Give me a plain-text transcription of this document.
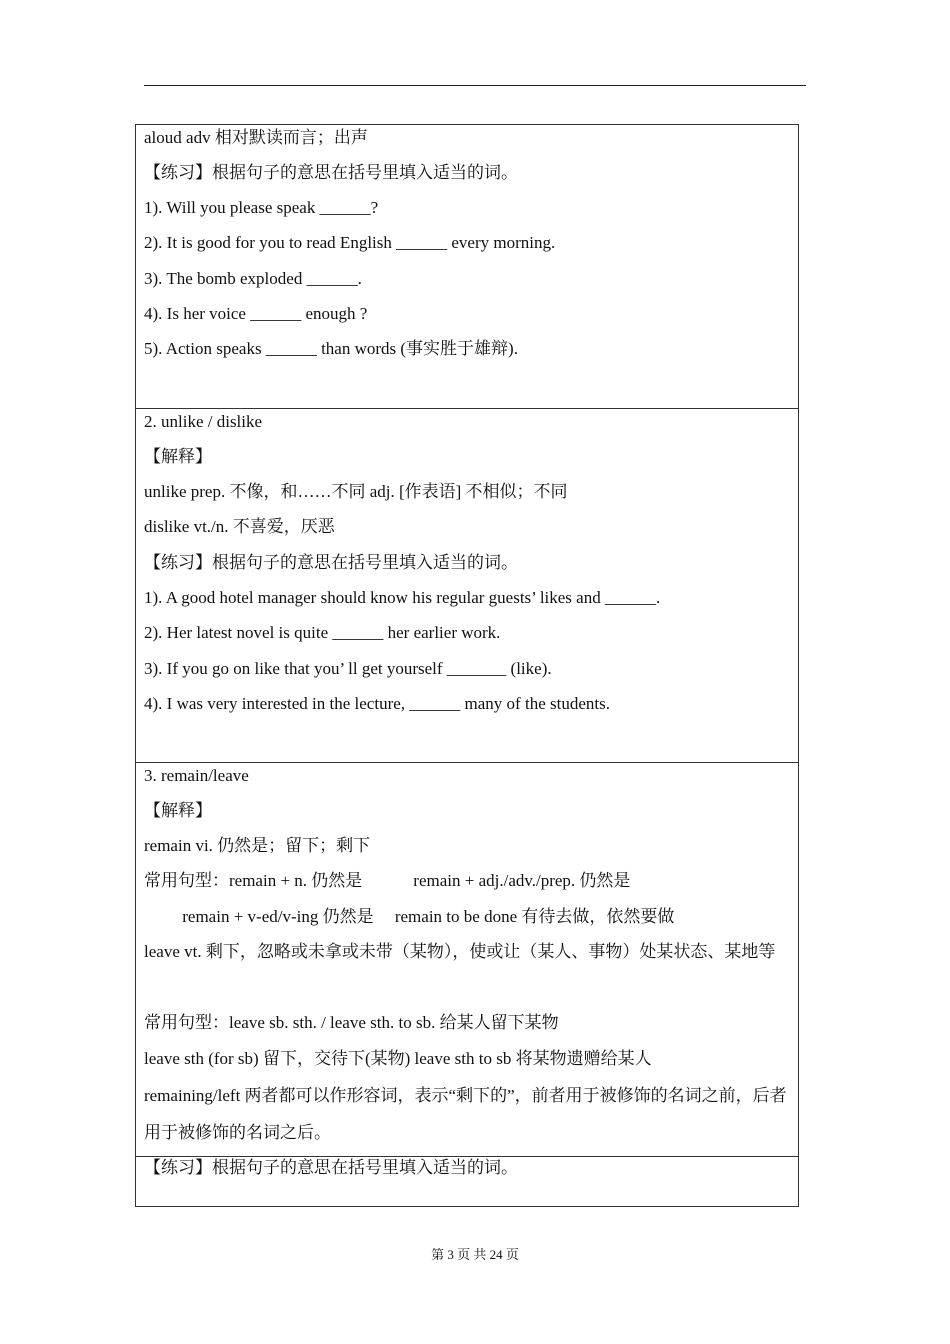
aloud adv 相对默读而言；出声
【练习】根据句子的意思在括号里填入适当的词。
1). Will you please speak ______?
2). It is good for you to read English ______ every morning.
3). The bomb exploded ______.
4). Is her voice ______ enough ?
5). Action speaks ______ than words (事实胜于雄辩).
2. unlike / dislike
【解释】
unlike prep. 不像，和……不同 adj. [作表语] 不相似；不同
dislike vt./n. 不喜爱，厌恶
【练习】根据句子的意思在括号里填入适当的词。
1). A good hotel manager should know his regular guests’ likes and ______.
2). Her latest novel is quite ______ her earlier work.
3). If you go on like that you’ ll get yourself _______ (like).
4). I was very interested in the lecture, ______ many of the students.
3. remain/leave
【解释】
remain vi. 仍然是；留下；剩下
常用句型：remain + n. 仍然是            remain + adj./adv./prep. 仍然是
remain + v-ed/v-ing 仍然是     remain to be done 有待去做，依然要做
leave vt. 剩下，忽略或未拿或未带（某物），使或让（某人、事物）处某状态、某地等
常用句型：leave sb. sth. / leave sth. to sb. 给某人留下某物
leave sth (for sb) 留下，交待下(某物) leave sth to sb 将某物遗赠给某人
remaining/left 两者都可以作形容词，表示“剩下的”，前者用于被修饰的名词之前，后者用于被修饰的名词之后。
【练习】根据句子的意思在括号里填入适当的词。
第 3 页 共 24 页
